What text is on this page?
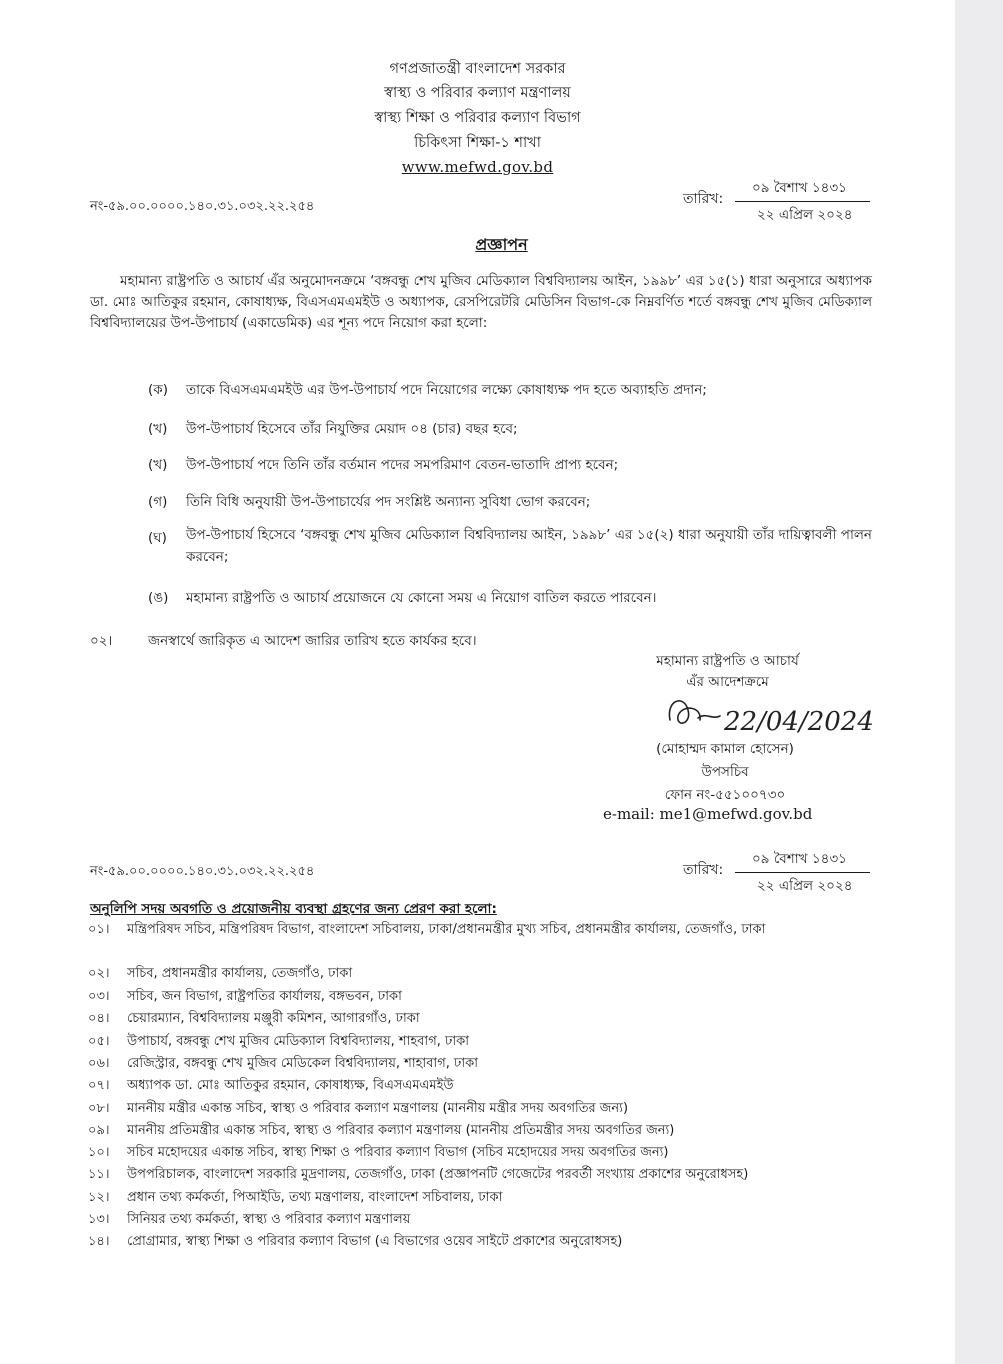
গণপ্রজাতন্ত্রী বাংলাদেশ সরকার
স্বাস্থ্য ও পরিবার কল্যাণ মন্ত্রণালয়
স্বাস্থ্য শিক্ষা ও পরিবার কল্যাণ বিভাগ
চিকিৎসা শিক্ষা-১ শাখা
www.mefwd.gov.bd
নং-৫৯.০০.০০০০.১৪০.৩১.০৩২.২২.২৫৪	তারিখ:
০৯ বৈশাখ ১৪৩১
২২ এপ্রিল ২০২৪
প্রজ্ঞাপন
মহামান্য রাষ্ট্রপতি ও আচার্য এঁর অনুমোদনক্রমে ‘বঙ্গবন্ধু শেখ মুজিব মেডিক্যাল বিশ্ববিদ্যালয় আইন, ১৯৯৮’ এর ১৫(১) ধারা অনুসারে অধ্যাপক ডা. মোঃ আতিকুর রহমান, কোষাধ্যক্ষ, বিএসএমএমইউ ও অধ্যাপক, রেসপিরেটরি মেডিসিন বিভাগ-কে নিম্নবর্ণিত শর্তে বঙ্গবন্ধু শেখ মুজিব মেডিক্যাল বিশ্ববিদ্যালয়ের উপ-উপাচার্য (একাডেমিক) এর শূন্য পদে নিয়োগ করা হলো:
(ক) তাকে বিএসএমএমইউ এর উপ-উপাচার্য পদে নিয়োগের লক্ষ্যে কোষাধ্যক্ষ পদ হতে অব্যাহতি প্রদান;
(খ) উপ-উপাচার্য হিসেবে তাঁর নিযুক্তির মেয়াদ ০৪ (চার) বছর হবে;
(খ) উপ-উপাচার্য পদে তিনি তাঁর বর্তমান পদের সমপরিমাণ বেতন-ভাতাদি প্রাপ্য হবেন;
(গ) তিনি বিধি অনুযায়ী উপ-উপাচার্যের পদ সংশ্লিষ্ট অন্যান্য সুবিধা ভোগ করবেন;
(ঘ) উপ-উপাচার্য হিসেবে ‘বঙ্গবন্ধু শেখ মুজিব মেডিক্যাল বিশ্ববিদ্যালয় আইন, ১৯৯৮’ এর ১৫(২) ধারা অনুযায়ী তাঁর দায়িত্বাবলী পালন করবেন;
(ঙ) মহামান্য রাষ্ট্রপতি ও আচার্য প্রয়োজনে যে কোনো সময় এ নিয়োগ বাতিল করতে পারবেন।
০২।	জনস্বার্থে জারিকৃত এ আদেশ জারির তারিখ হতে কার্যকর হবে।
মহামান্য রাষ্ট্রপতি ও আচার্য
এঁর আদেশক্রমে
22/04/2024
(মোহাম্মদ কামাল হোসেন)
উপসচিব
ফোন নং-৫৫১০০৭৩০
e-mail: me1@mefwd.gov.bd
নং-৫৯.০০.০০০০.১৪০.৩১.০৩২.২২.২৫৪	তারিখ:
০৯ বৈশাখ ১৪৩১
২২ এপ্রিল ২০২৪
অনুলিপি সদয় অবগতি ও প্রয়োজনীয় ব্যবস্থা গ্রহণের জন্য প্রেরণ করা হলো:
০১।	মন্ত্রিপরিষদ সচিব, মন্ত্রিপরিষদ বিভাগ, বাংলাদেশ সচিবালয়, ঢাকা/প্রধানমন্ত্রীর মুখ্য সচিব, প্রধানমন্ত্রীর কার্যালয়, তেজগাঁও, ঢাকা
০২।	সচিব, প্রধানমন্ত্রীর কার্যালয়, তেজগাঁও, ঢাকা
০৩।	সচিব, জন বিভাগ, রাষ্ট্রপতির কার্যালয়, বঙ্গভবন, ঢাকা
০৪।	চেয়ারম্যান, বিশ্ববিদ্যালয় মঞ্জুরী কমিশন, আগারগাঁও, ঢাকা
০৫।	উপাচার্য, বঙ্গবন্ধু শেখ মুজিব মেডিক্যাল বিশ্ববিদ্যালয়, শাহবাগ, ঢাকা
০৬।	রেজিস্ট্রার, বঙ্গবন্ধু শেখ মুজিব মেডিকেল বিশ্ববিদ্যালয়, শাহাবাগ, ঢাকা
০৭।	অধ্যাপক ডা. মোঃ আতিকুর রহমান, কোষাধ্যক্ষ, বিএসএমএমইউ
০৮।	মাননীয় মন্ত্রীর একান্ত সচিব, স্বাস্থ্য ও পরিবার কল্যাণ মন্ত্রণালয় (মাননীয় মন্ত্রীর সদয় অবগতির জন্য)
০৯।	মাননীয় প্রতিমন্ত্রীর একান্ত সচিব, স্বাস্থ্য ও পরিবার কল্যাণ মন্ত্রণালয় (মাননীয় প্রতিমন্ত্রীর সদয় অবগতির জন্য)
১০।	সচিব মহোদয়ের একান্ত সচিব, স্বাস্থ্য শিক্ষা ও পরিবার কল্যাণ বিভাগ (সচিব মহোদয়ের সদয় অবগতির জন্য)
১১।	উপপরিচালক, বাংলাদেশ সরকারি মুদ্রণালয়, তেজগাঁও, ঢাকা (প্রজ্ঞাপনটি গেজেটের পরবর্তী সংখ্যায় প্রকাশের অনুরোধসহ)
১২।	প্রধান তথ্য কর্মকর্তা, পিআইডি, তথ্য মন্ত্রণালয়, বাংলাদেশ সচিবালয়, ঢাকা
১৩।	সিনিয়র তথ্য কর্মকর্তা, স্বাস্থ্য ও পরিবার কল্যাণ মন্ত্রণালয়
১৪।	প্রোগ্রামার, স্বাস্থ্য শিক্ষা ও পরিবার কল্যাণ বিভাগ (এ বিভাগের ওয়েব সাইটে প্রকাশের অনুরোধসহ)
